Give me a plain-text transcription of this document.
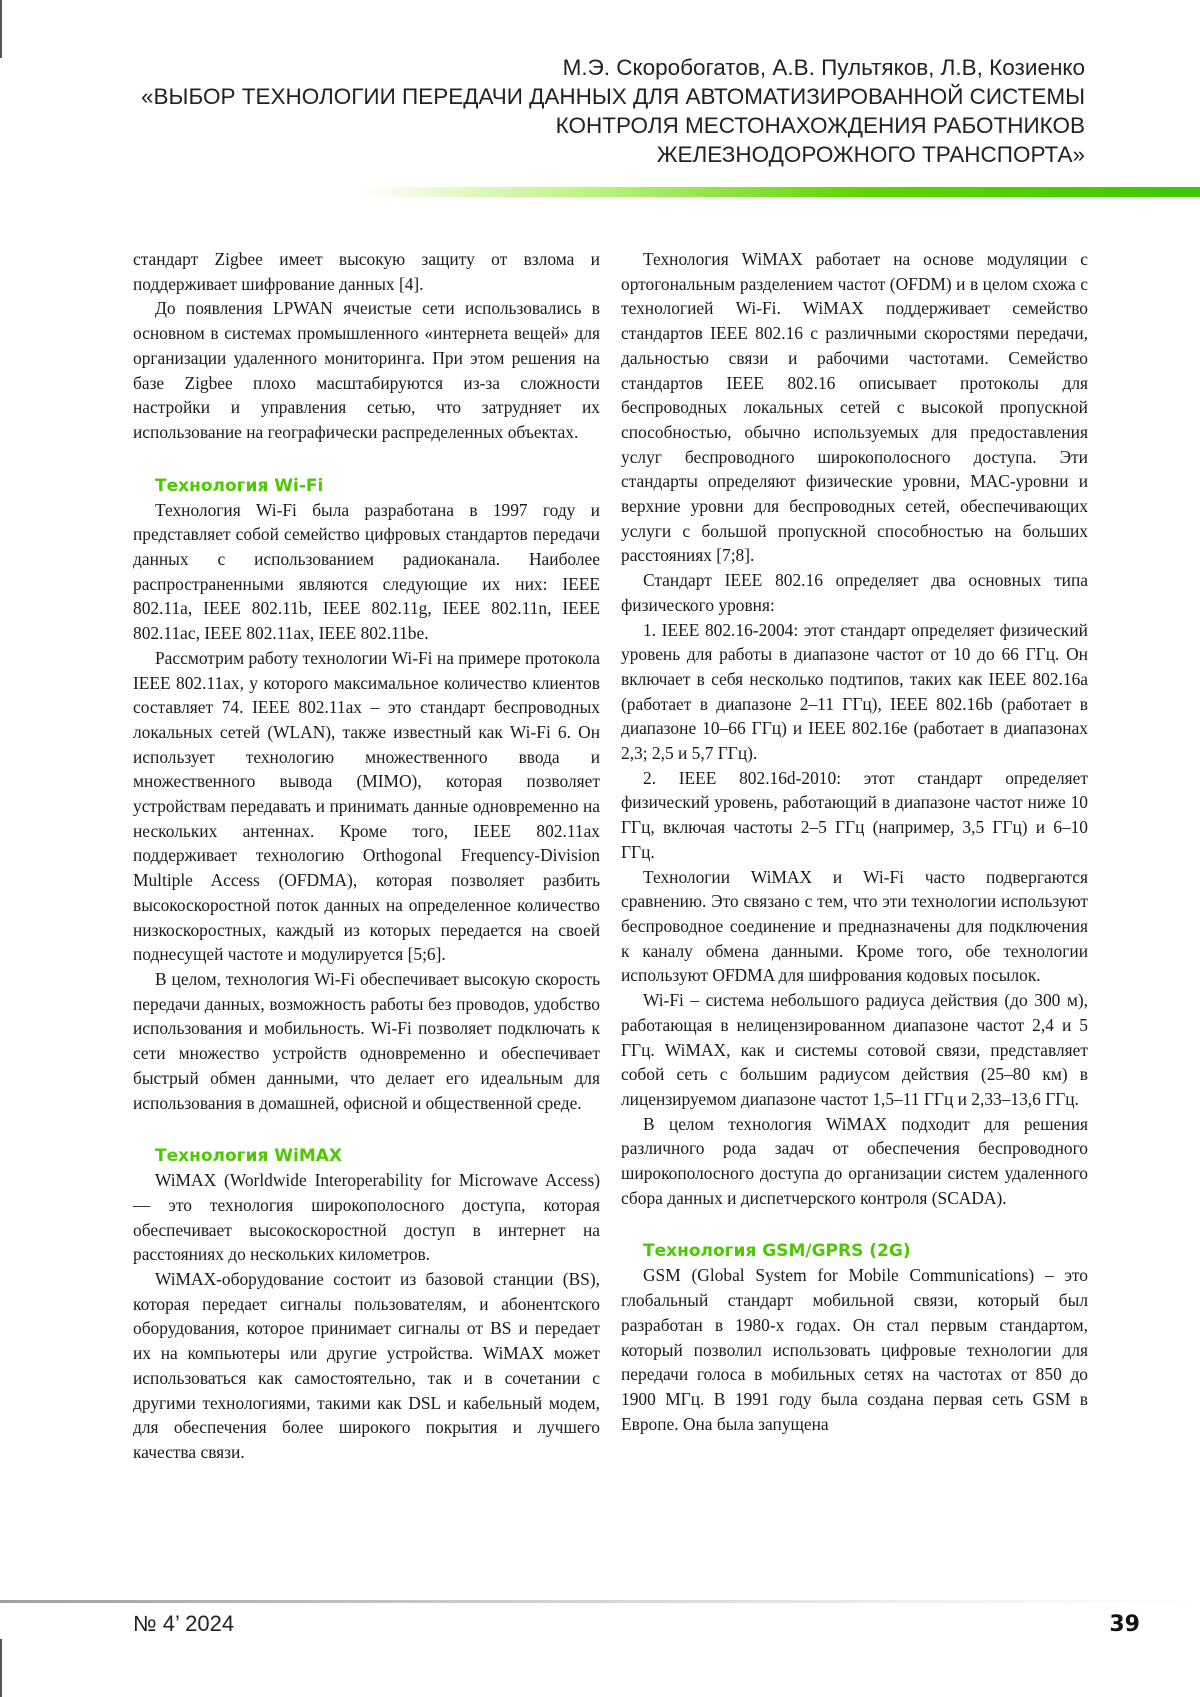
М.Э. Скоробогатов, А.В. Пультяков, Л.В, Козиенко
«ВЫБОР ТЕХНОЛОГИИ ПЕРЕДАЧИ ДАННЫХ ДЛЯ АВТОМАТИЗИРОВАННОЙ СИСТЕМЫ
КОНТРОЛЯ МЕСТОНАХОЖДЕНИЯ РАБОТНИКОВ
ЖЕЛЕЗНОДОРОЖНОГО ТРАНСПОРТА»

стандарт Zigbee имеет высокую защиту от взлома и поддерживает шифрование данных [4].

До появления LPWAN ячеистые сети использовались в основном в системах промышленного «интернета вещей» для организации удаленного мониторинга. При этом решения на базе Zigbee плохо масштабируются из-за сложности настройки и управления сетью, что затрудняет их использование на географически распределенных объектах.

Технология Wi-Fi

Технология Wi-Fi была разработана в 1997 году и представляет собой семейство цифровых стандартов передачи данных с использованием радиоканала. Наиболее распространенными являются следующие их них: IEEE 802.11a, IEEE 802.11b, IEEE 802.11g, IEEE 802.11n, IEEE 802.11ac, IEEE 802.11ax, IEEE 802.11be.

Рассмотрим работу технологии Wi-Fi на примере протокола IEEE 802.11ax, у которого максимальное количество клиентов составляет 74. IEEE 802.11ax – это стандарт беспроводных локальных сетей (WLAN), также известный как Wi-Fi 6. Он использует технологию множественного ввода и множественного вывода (MIMO), которая позволяет устройствам передавать и принимать данные одновременно на нескольких антеннах. Кроме того, IEEE 802.11ax поддерживает технологию Orthogonal Frequency-Division Multiple Access (OFDMA), которая позволяет разбить высокоскоростной поток данных на определенное количество низкоскоростных, каждый из которых передается на своей поднесущей частоте и модулируется [5;6].

В целом, технология Wi-Fi обеспечивает высокую скорость передачи данных, возможность работы без проводов, удобство использования и мобильность. Wi-Fi позволяет подключать к сети множество устройств одновременно и обеспечивает быстрый обмен данными, что делает его идеальным для использования в домашней, офисной и общественной среде.

Технология WiMAX

WiMAX (Worldwide Interoperability for Microwave Access) — это технология широкополосного доступа, которая обеспечивает высокоскоростной доступ в интернет на расстояниях до нескольких километров.

WiMAX-оборудование состоит из базовой станции (BS), которая передает сигналы пользователям, и абонентского оборудования, которое принимает сигналы от BS и передает их на компьютеры или другие устройства. WiMAX может использоваться как самостоятельно, так и в сочетании с другими технологиями, такими как DSL и кабельный модем, для обеспечения более широкого покрытия и лучшего качества связи.

Технология WiMAX работает на основе модуляции с ортогональным разделением частот (OFDM) и в целом схожа с технологией Wi-Fi. WiMAX поддерживает семейство стандартов IEEE 802.16 с различными скоростями передачи, дальностью связи и рабочими частотами. Семейство стандартов IEEE 802.16 описывает протоколы для беспроводных локальных сетей с высокой пропускной способностью, обычно используемых для предоставления услуг беспроводного широкополосного доступа. Эти стандарты определяют физические уровни, MAC-уровни и верхние уровни для беспроводных сетей, обеспечивающих услуги с большой пропускной способностью на больших расстояниях [7;8].

Стандарт IEEE 802.16 определяет два основных типа физического уровня:

1. IEEE 802.16-2004: этот стандарт определяет физический уровень для работы в диапазоне частот от 10 до 66 ГГц. Он включает в себя несколько подтипов, таких как IEEE 802.16a (работает в диапазоне 2–11 ГГц), IEEE 802.16b (работает в диапазоне 10–66 ГГц) и IEEE 802.16e (работает в диапазонах 2,3; 2,5 и 5,7 ГГц).

2. IEEE 802.16d-2010: этот стандарт определяет физический уровень, работающий в диапазоне частот ниже 10 ГГц, включая частоты 2–5 ГГц (например, 3,5 ГГц) и 6–10 ГГц.

Технологии WiMAX и Wi-Fi часто подвергаются сравнению. Это связано с тем, что эти технологии используют беспроводное соединение и предназначены для подключения к каналу обмена данными. Кроме того, обе технологии используют OFDMA для шифрования кодовых посылок.

Wi-Fi – система небольшого радиуса действия (до 300 м), работающая в нелицензированном диапазоне частот 2,4 и 5 ГГц. WiMAX, как и системы сотовой связи, представляет собой сеть с большим радиусом действия (25–80 км) в лицензируемом диапазоне частот 1,5–11 ГГц и 2,33–13,6 ГГц.

В целом технология WiMAX подходит для решения различного рода задач от обеспечения беспроводного широкополосного доступа до организации систем удаленного сбора данных и диспетчерского контроля (SCADA).

Технология GSM/GPRS (2G)

GSM (Global System for Mobile Communications) – это глобальный стандарт мобильной связи, который был разработан в 1980-х годах. Он стал первым стандартом, который позволил использовать цифровые технологии для передачи голоса в мобильных сетях на частотах от 850 до 1900 МГц. В 1991 году была создана первая сеть GSM в Европе. Она была запущена

№ 4’ 2024	39
